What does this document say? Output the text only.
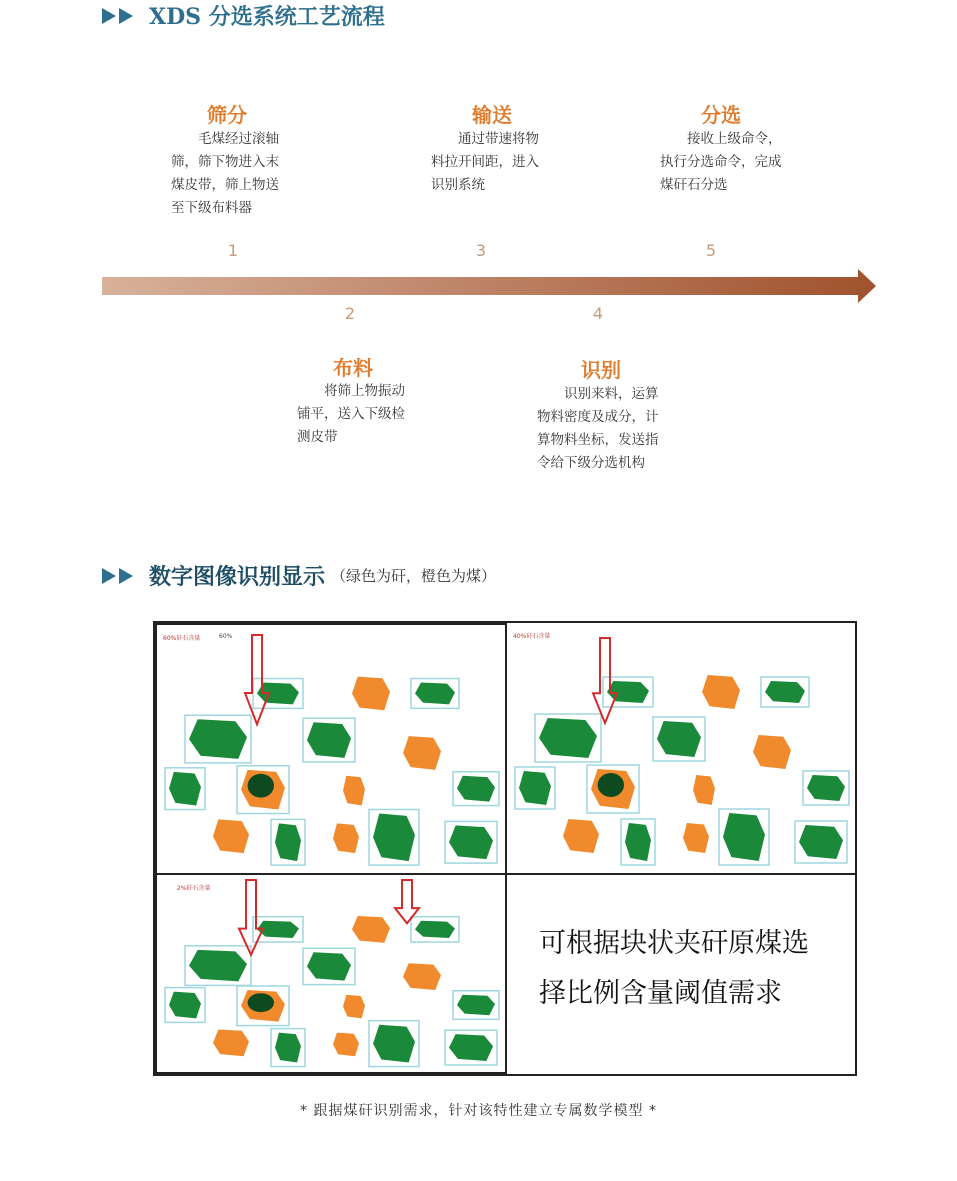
XDS 分选系统工艺流程
筛分
毛煤经过滚轴筛，筛下物进入末煤皮带，筛上物送至下级布料器
1
输送
通过带速将物料拉开间距，进入识别系统
3
分选
接收上级命令，执行分选命令，完成煤矸石分选
5
2
布料
将筛上物振动铺平，送入下级检测皮带
4
识别
识别来料，运算物料密度及成分，计算物料坐标，发送指令给下级分选机构
数字图像识别显示 （绿色为矸，橙色为煤）
60%矸石含量	60%	40%矸石含量
2%矸石含量
可根据块状夹矸原煤选
择比例含量阈值需求
* 跟据煤矸识别需求，针对该特性建立专属数学模型 *
